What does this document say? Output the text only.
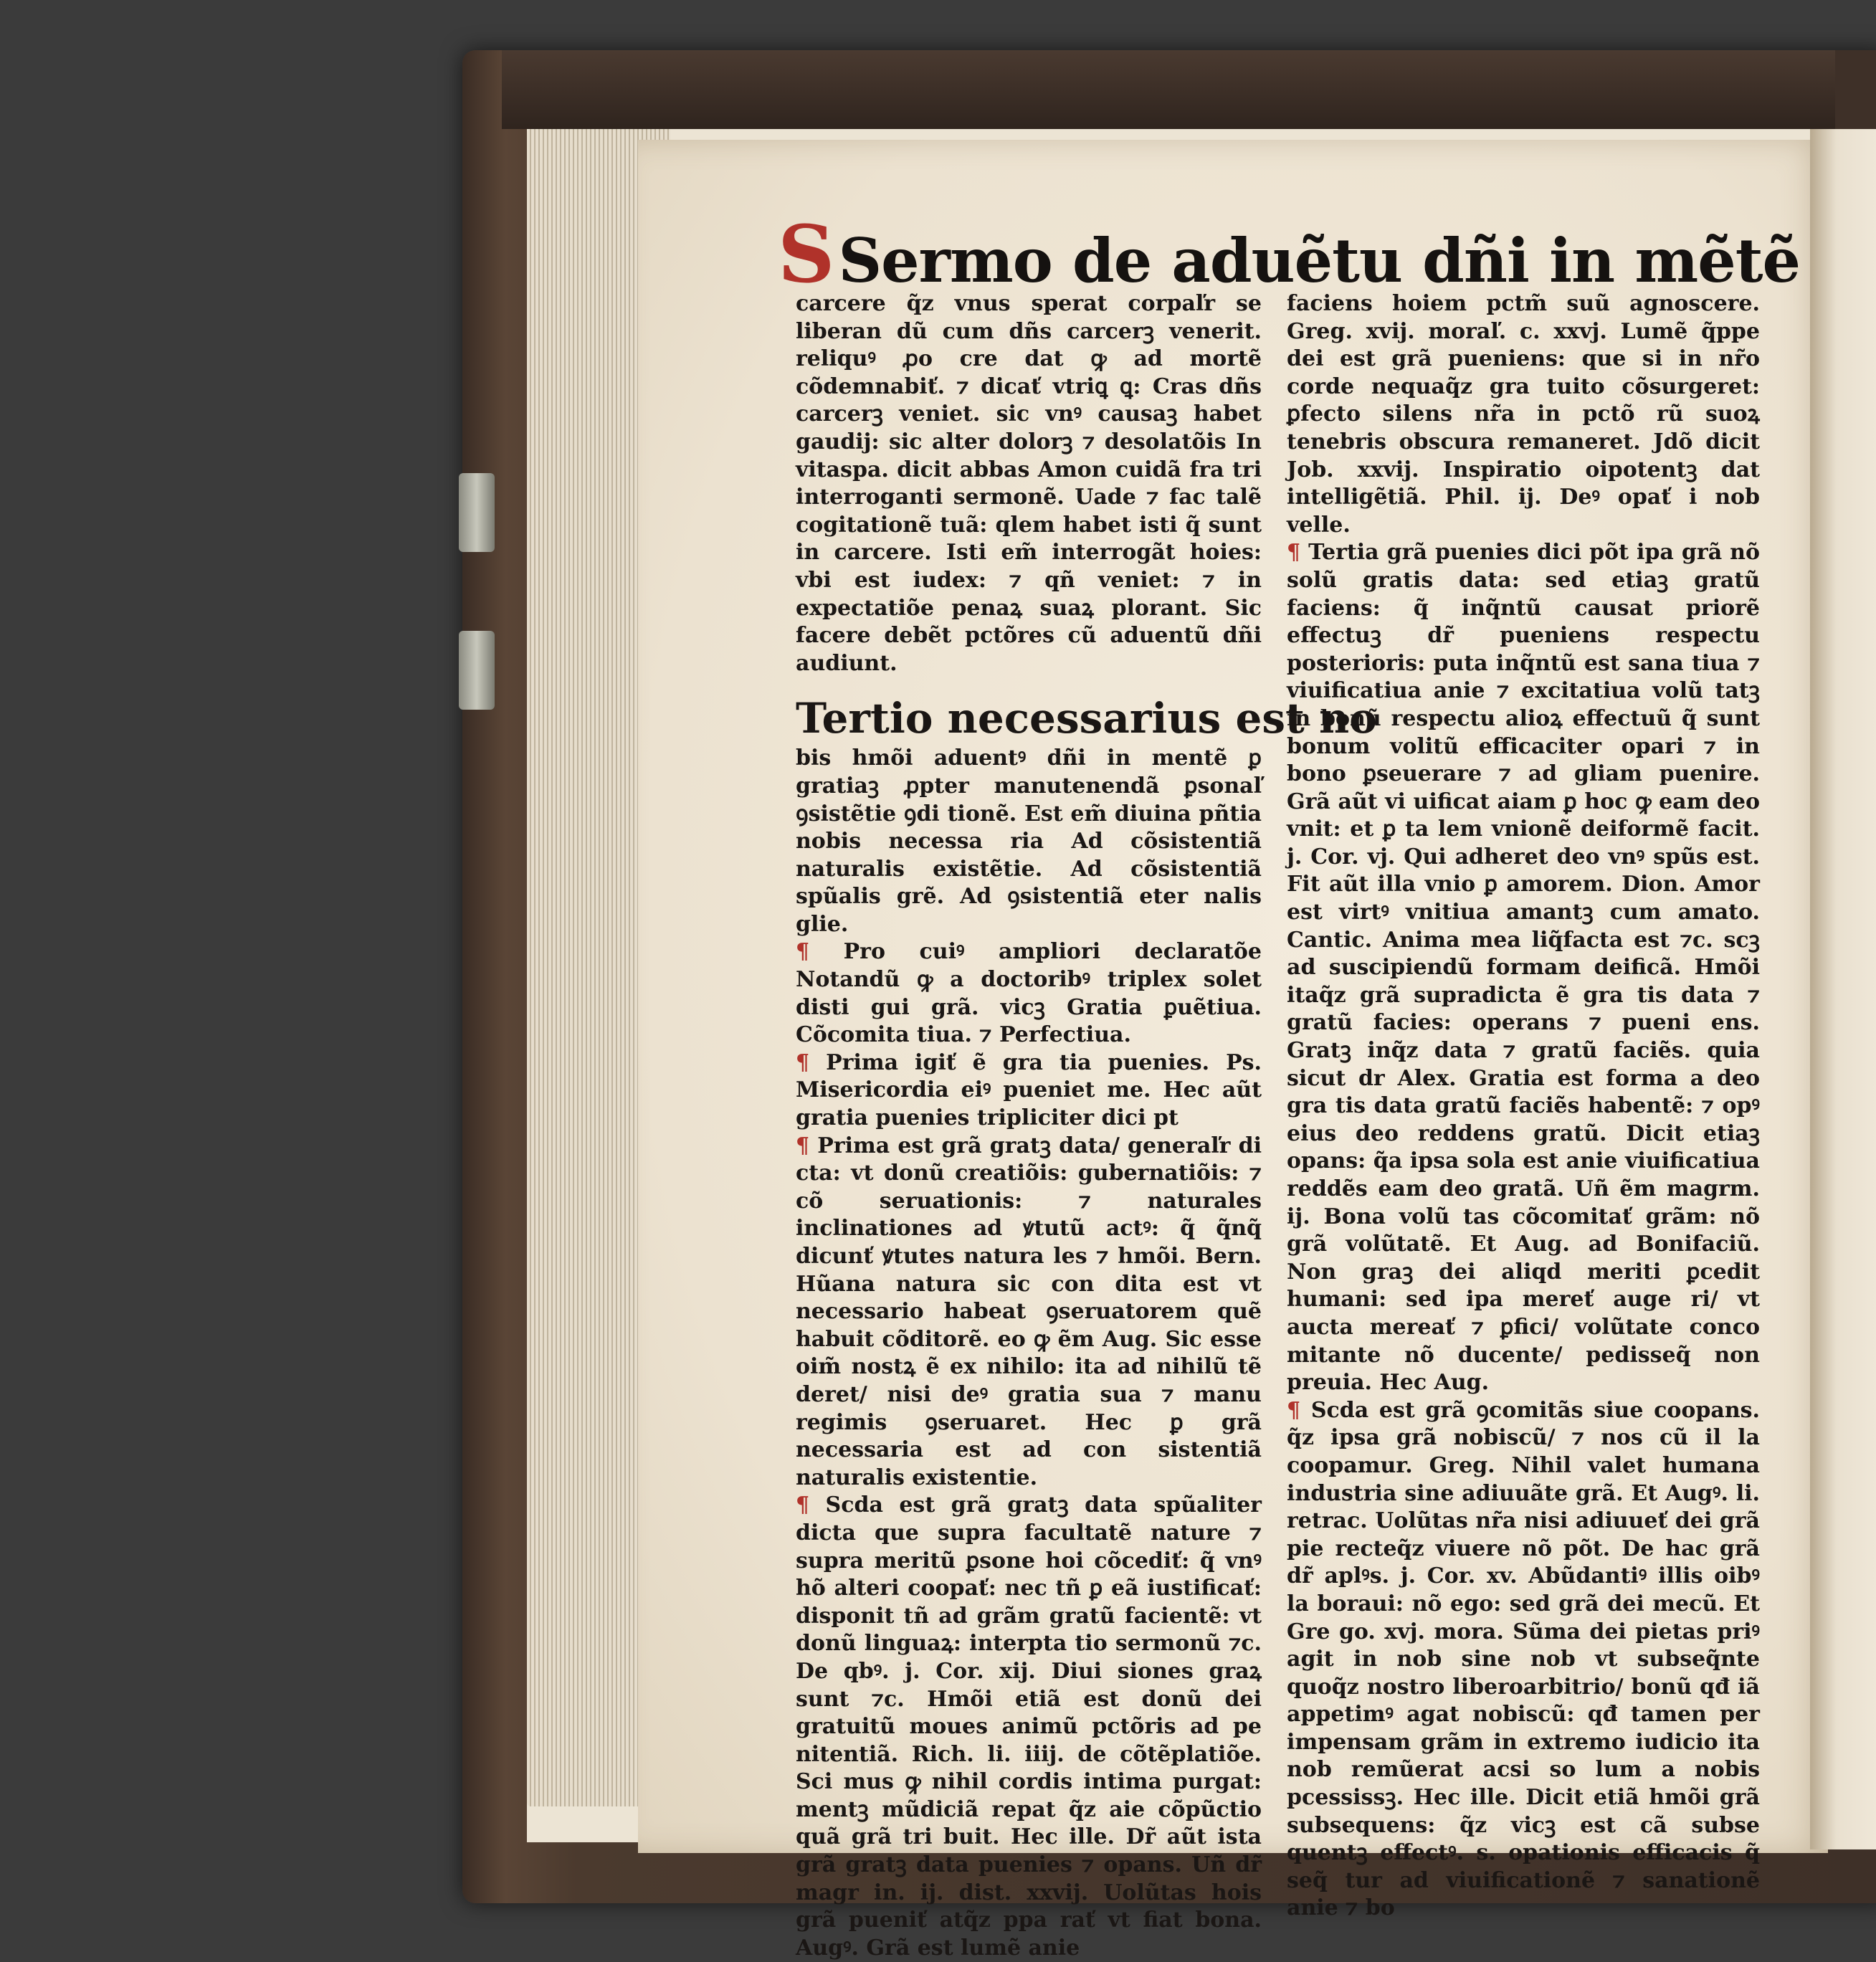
SSermo de aduẽtu dñi in mẽtẽ

carcere q̃z vnus sperat corpaľr se liberan dũ cum dñs carcerꝫ venerit. reliquꝰ ꝓo cre dat ꝙ ad mortẽ cõdemnabiť. ⁊ dicať vtriꝗ ꝗ: Cras dñs carcerꝫ veniet. sic vnꝰ causaꝫ habet gaudij: sic alter dolorꝫ ⁊ desolatõis In vitaspa. dicit abbas Amon cuidã fra tri interroganti sermonẽ. Uade ⁊ fac talẽ cogitationẽ tuã: qlem habet isti q̃ sunt in carcere. Isti em̃ interrogãt hoies: vbi est iudex: ⁊ qñ veniet: ⁊ in expectatiõe penaꝝ suaꝝ plorant. Sic facere debẽt pctõres cũ aduentũ dñi audiunt.

Tertio necessarius est no

bis hmõi aduentꝰ dñi in mentẽ ꝑ gratiaꝫ ꝓpter manutenendã ꝑsonaľ ꝯsistẽtie ꝯdi tionẽ. Est em̃ diuina pñtia nobis necessa ria Ad cõsistentiã naturalis existẽtie. Ad cõsistentiã spũalis grẽ. Ad ꝯsistentiã eter nalis glie.

¶ Pro cuiꝰ ampliori declaratõe Notandũ ꝙ a doctoribꝰ triplex solet disti gui grã. vicꝫ Gratia ꝑuẽtiua. Cõcomita tiua. ⁊ Perfectiua.

¶ Prima igiť ẽ gra tia puenies. Ps. Misericordia eiꝰ pueniet me. Hec aũt gratia puenies tripliciter dici pt

¶ Prima est grã gratꝫ data/ generaľr di cta: vt donũ creatiõis: gubernatiõis: ⁊ cõ seruationis: ⁊ naturales inclinationes ad ꝟtutũ actꝰ: q̃ q̃nq̃ dicunť ꝟtutes natura les ⁊ hmõi. Bern. Hũana natura sic con dita est vt necessario habeat ꝯseruatorem quẽ habuit cõditorẽ. eo ꝙ ẽm Aug. Sic esse oim̃ nostꝝ ẽ ex nihilo: ita ad nihilũ tẽ deret/ nisi deꝰ gratia sua ⁊ manu regimis ꝯseruaret. Hec ꝑ grã necessaria est ad con sistentiã naturalis existentie.

¶ Scda est grã gratꝫ data spũaliter dicta que supra facultatẽ nature ⁊ supra meritũ ꝑsone hoi cõcediť: q̃ vnꝰ hõ alteri coopať: nec tñ ꝑ eã iustificať: disponit tñ ad grãm gratũ facientẽ: vt donũ linguaꝝ: interpta tio sermonũ ⁊c. De qbꝰ. j. Cor. xij. Diui siones graꝝ sunt ⁊c. Hmõi etiã est donũ dei gratuitũ moues animũ pctõris ad pe nitentiã. Rich. li. iiij. de cõtẽplatiõe. Sci mus ꝙ nihil cordis intima purgat: mentꝫ mũdiciã repat q̃z aie cõpũctio quã grã tri buit. Hec ille. Dr̃ aũt ista grã gratꝫ data puenies ⁊ opans. Uñ dr̃ magr in. ij. dist. xxvij. Uolũtas hois grã pueniť atq̃z ppa rať vt fiat bona. Augꝰ. Grã est lumẽ anie

faciens hoiem pctm̃ suũ agnoscere. Greg. xvij. moraľ. c. xxvj. Lumẽ q̃ppe dei est grã pueniens: que si in nr̃o corde nequaq̃z gra tuito cõsurgeret: ꝑfecto silens nr̃a in pctõ rũ suoꝝ tenebris obscura remaneret. Jdõ dicit Job. xxvij. Inspiratio oipotentꝫ dat intelligẽtiã. Phil. ij. Deꝰ opať i nob velle.

¶ Tertia grã puenies dici põt ipa grã nõ solũ gratis data: sed etiaꝫ gratũ faciens: q̃ inq̃ntũ causat priorẽ effectuꝫ dr̃ pueniens respectu posterioris: puta inq̃ntũ est sana tiua ⁊ viuificatiua anie ⁊ excitatiua volũ tatꝫ in bonũ respectu alioꝝ effectuũ q̃ sunt bonum volitũ efficaciter opari ⁊ in bono ꝑseuerare ⁊ ad gliam puenire. Grã aũt vi uificat aiam ꝑ hoc ꝙ eam deo vnit: et ꝑ ta lem vnionẽ deiformẽ facit. j. Cor. vj. Qui adheret deo vnꝰ spũs est. Fit aũt illa vnio ꝑ amorem. Dion. Amor est virtꝰ vnitiua amantꝫ cum amato. Cantic. Anima mea liq̃facta est ⁊c. scꝫ ad suscipiendũ formam deificã. Hmõi itaq̃z grã supradicta ẽ gra tis data ⁊ gratũ facies: operans ⁊ pueni ens. Gratꝫ inq̃z data ⁊ gratũ faciẽs. quia sicut dr Alex. Gratia est forma a deo gra tis data gratũ faciẽs habentẽ: ⁊ opꝰ eius deo reddens gratũ. Dicit etiaꝫ opans: q̃a ipsa sola est anie viuificatiua reddẽs eam deo gratã. Uñ ẽm magrm. ij. Bona volũ tas cõcomitať grãm: nõ grã volũtatẽ. Et Aug. ad Bonifaciũ. Non graꝫ dei aliqd meriti ꝑcedit humani: sed ipa mereť auge ri/ vt aucta mereať ⁊ ꝑfici/ volũtate conco mitante nõ ducente/ pedisseq̃ non preuia. Hec Aug.

¶ Scda est grã ꝯcomitãs siue coopans. q̃z ipsa grã nobiscũ/ ⁊ nos cũ il la coopamur. Greg. Nihil valet humana industria sine adiuuãte grã. Et Augꝰ. li. retrac. Uolũtas nr̃a nisi adiuueť dei grã pie recteq̃z viuere nõ põt. De hac grã dr̃ aplꝰs. j. Cor. xv. Abũdantiꝰ illis oibꝰ la boraui: nõ ego: sed grã dei mecũ. Et Gre go. xvj. mora. Sũma dei pietas priꝰ agit in nob sine nob vt subseq̃nte quoq̃z nostro liberoarbitrio/ bonũ qđ iã appetimꝰ agat nobiscũ: qđ tamen per impensam grãm in extremo iudicio ita nob remũerat acsi so lum a nobis pcessissꝫ. Hec ille. Dicit etiã hmõi grã subsequens: q̃z vicꝫ est cã subse quentꝫ effectꝰ. s. opationis efficacis q̃ seq̃ tur ad viuificationẽ ⁊ sanationẽ anie ⁊ bo
